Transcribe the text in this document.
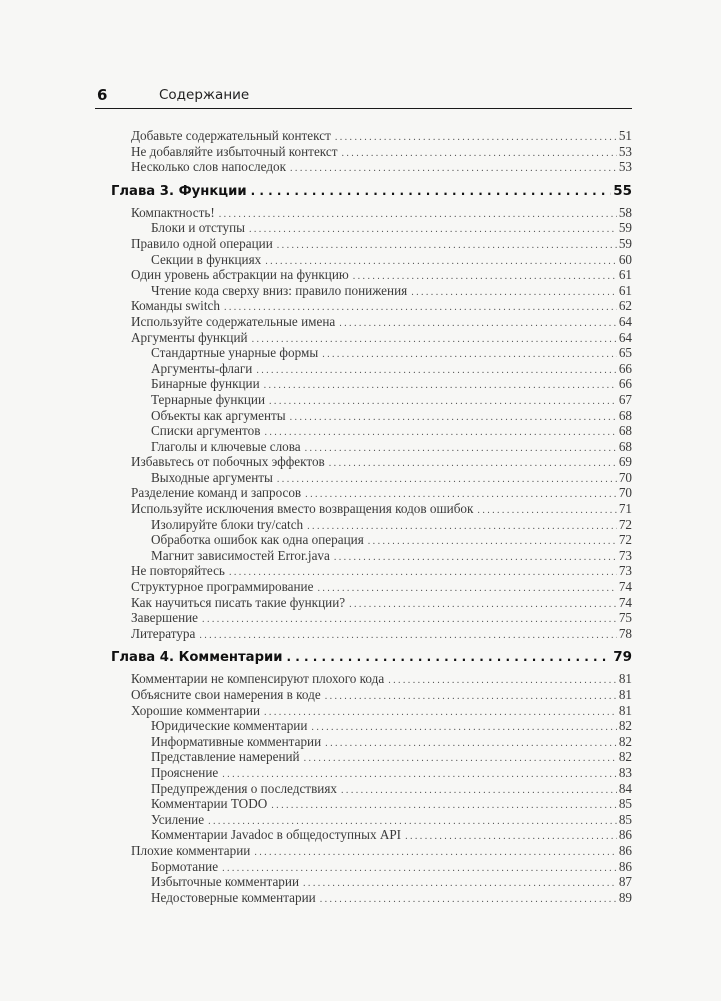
6	Содержание
Добавьте содержательный контекст .....	51
Не добавляйте избыточный контекст .....	53
Несколько слов напоследок .....	53
Глава 3. Функции .....	55
Компактность! .....	58
Блоки и отступы .....	59
Правило одной операции .....	59
Секции в функциях .....	60
Один уровень абстракции на функцию .....	61
Чтение кода сверху вниз: правило понижения .....	61
Команды switch .....	62
Используйте содержательные имена .....	64
Аргументы функций .....	64
Стандартные унарные формы .....	65
Аргументы-флаги .....	66
Бинарные функции .....	66
Тернарные функции .....	67
Объекты как аргументы .....	68
Списки аргументов .....	68
Глаголы и ключевые слова .....	68
Избавьтесь от побочных эффектов .....	69
Выходные аргументы .....	70
Разделение команд и запросов .....	70
Используйте исключения вместо возвращения кодов ошибок .....	71
Изолируйте блоки try/catch .....	72
Обработка ошибок как одна операция .....	72
Магнит зависимостей Error.java .....	73
Не повторяйтесь .....	73
Структурное программирование .....	74
Как научиться писать такие функции? .....	74
Завершение .....	75
Литература .....	78
Глава 4. Комментарии .....	79
Комментарии не компенсируют плохого кода .....	81
Объясните свои намерения в коде .....	81
Хорошие комментарии .....	81
Юридические комментарии .....	82
Информативные комментарии .....	82
Представление намерений .....	82
Прояснение .....	83
Предупреждения о последствиях .....	84
Комментарии TODO .....	85
Усиление .....	85
Комментарии Javadoc в общедоступных API .....	86
Плохие комментарии .....	86
Бормотание .....	86
Избыточные комментарии .....	87
Недостоверные комментарии .....	89
